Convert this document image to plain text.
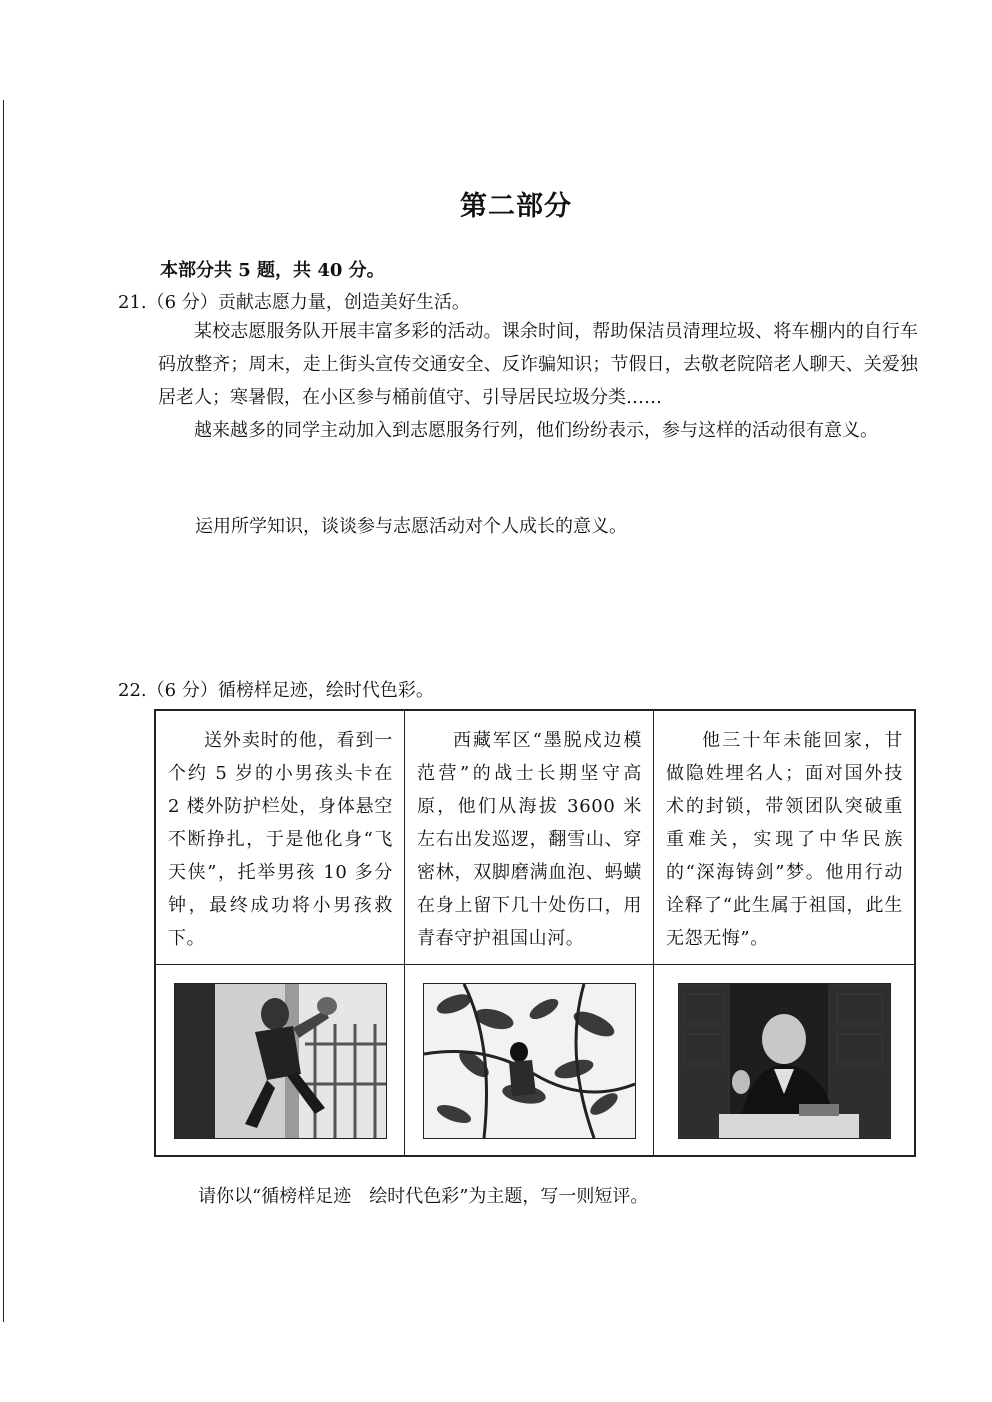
第二部分
本部分共 5 题，共 40 分。
21.（6 分）贡献志愿力量，创造美好生活。

某校志愿服务队开展丰富多彩的活动。课余时间，帮助保洁员清理垃圾、将车棚内的自行车码放整齐；周末，走上街头宣传交通安全、反诈骗知识；节假日，去敬老院陪老人聊天、关爱独居老人；寒暑假，在小区参与桶前值守、引导居民垃圾分类……

越来越多的同学主动加入到志愿服务行列，他们纷纷表示，参与这样的活动很有意义。

运用所学知识，谈谈参与志愿活动对个人成长的意义。
22.（6 分）循榜样足迹，绘时代色彩。
送外卖时的他，看到一个约 5 岁的小男孩头卡在 2 楼外防护栏处，身体悬空不断挣扎，于是他化身“飞天侠”，托举男孩 10 多分钟，最终成功将小男孩救下。	西藏军区“墨脱戍边模范营”的战士长期坚守高原，他们从海拔 3600 米左右出发巡逻，翻雪山、穿密林，双脚磨满血泡、蚂蟥在身上留下几十处伤口，用青春守护祖国山河。	他三十年未能回家，甘做隐姓埋名人；面对国外技术的封锁，带领团队突破重重难关，实现了中华民族的“深海铸剑”梦。他用行动诠释了“此生属于祖国，此生无怨无悔”。

请你以“循榜样足迹　绘时代色彩”为主题，写一则短评。
